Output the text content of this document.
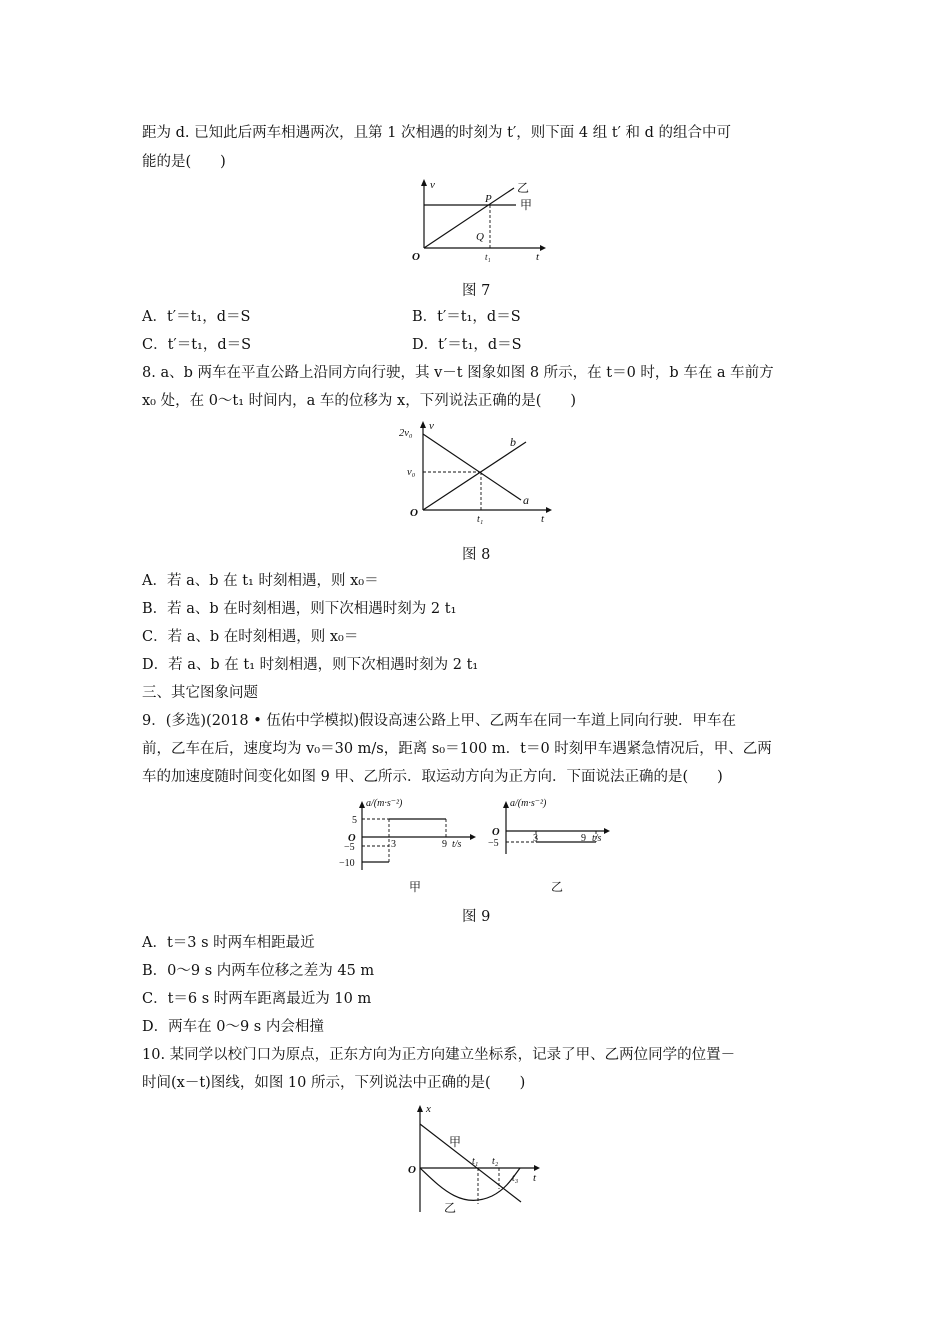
距为 d. 已知此后两车相遇两次，且第 1 次相遇的时刻为 t′，则下面 4 组 t′ 和 d 的组合中可
能的是(　　)
v
O	t
P
Q
t₁
乙
甲
图 7
A．t′＝t₁，d＝S	B．t′＝t₁，d＝S
C．t′＝t₁，d＝S	D．t′＝t₁，d＝S
8. a、b 两车在平直公路上沿同方向行驶，其 v－t 图象如图 8 所示，在 t＝0 时，b 车在 a 车前方
x₀ 处，在 0～t₁ 时间内，a 车的位移为 x，下列说法正确的是(　　)
v
2v₀
v₀
O	t
t₁
a
b
图 8
A．若 a、b 在 t₁ 时刻相遇，则 x₀＝
B．若 a、b 在时刻相遇，则下次相遇时刻为 2 t₁
C．若 a、b 在时刻相遇，则 x₀＝
D．若 a、b 在 t₁ 时刻相遇，则下次相遇时刻为 2 t₁
三、其它图象问题
9．(多选)(2018 • 伍佑中学模拟)假设高速公路上甲、乙两车在同一车道上同向行驶．甲车在
前，乙车在后，速度均为 v₀＝30 m/s，距离 s₀＝100 m．t＝0 时刻甲车遇紧急情况后，甲、乙两
车的加速度随时间变化如图 9 甲、乙所示．取运动方向为正方向．下面说法正确的是(　　)
a/(m·s⁻²)
5
O
−5
−10
3	9 t/s
甲
a/(m·s⁻²)
O
−5	3	9 t/s
乙
图 9
A．t＝3 s 时两车相距最近
B．0～9 s 内两车位移之差为 45 m
C．t＝6 s 时两车距离最近为 10 m
D．两车在 0～9 s 内会相撞
10. 某同学以校门口为原点，正东方向为正方向建立坐标系，记录了甲、乙两位同学的位置－
时间(x－t)图线，如图 10 所示，下列说法中正确的是(　　)
x
O
t
t₁ t₂
t₃
甲
乙
